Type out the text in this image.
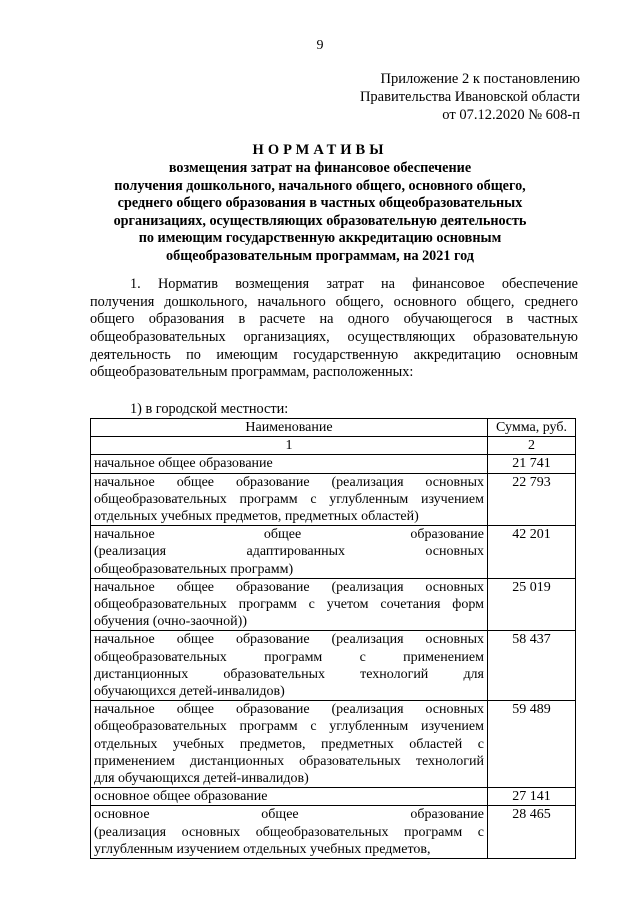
9
Приложение 2 к постановлению
Правительства Ивановской области
от 07.12.2020 № 608-п
НОРМАТИВЫ
возмещения затрат на финансовое обеспечение
получения дошкольного, начального общего, основного общего,
среднего общего образования в частных общеобразовательных
организациях, осуществляющих образовательную деятельность
по имеющим государственную аккредитацию основным
общеобразовательным программам, на 2021 год
1. Норматив возмещения затрат на финансовое обеспечение
получения дошкольного, начального общего, основного общего, среднего
общего образования в расчете на одного обучающегося в частных
общеобразовательных организациях, осуществляющих образовательную
деятельность по имеющим государственную аккредитацию основным
общеобразовательным программам, расположенных:
1) в городской местности:
Наименование	Сумма, руб.
1	2

начальное общее образование	21 741

начальное общее образование (реализация основных
общеобразовательных программ с углубленным изучением
отдельных учебных предметов, предметных областей)	22 793

начальное общее образование
(реализация адаптированных основных
общеобразовательных программ)	42 201

начальное общее образование (реализация основных
общеобразовательных программ с учетом сочетания форм
обучения (очно-заочной))	25 019

начальное общее образование (реализация основных
общеобразовательных программ с применением
дистанционных образовательных технологий для
обучающихся детей-инвалидов)	58 437

начальное общее образование (реализация основных
общеобразовательных программ с углубленным изучением
отдельных учебных предметов, предметных областей с
применением дистанционных образовательных технологий
для обучающихся детей-инвалидов)	59 489

основное общее образование	27 141

основное общее образование
(реализация основных общеобразовательных программ с
углубленным изучением отдельных учебных предметов,	28 465
